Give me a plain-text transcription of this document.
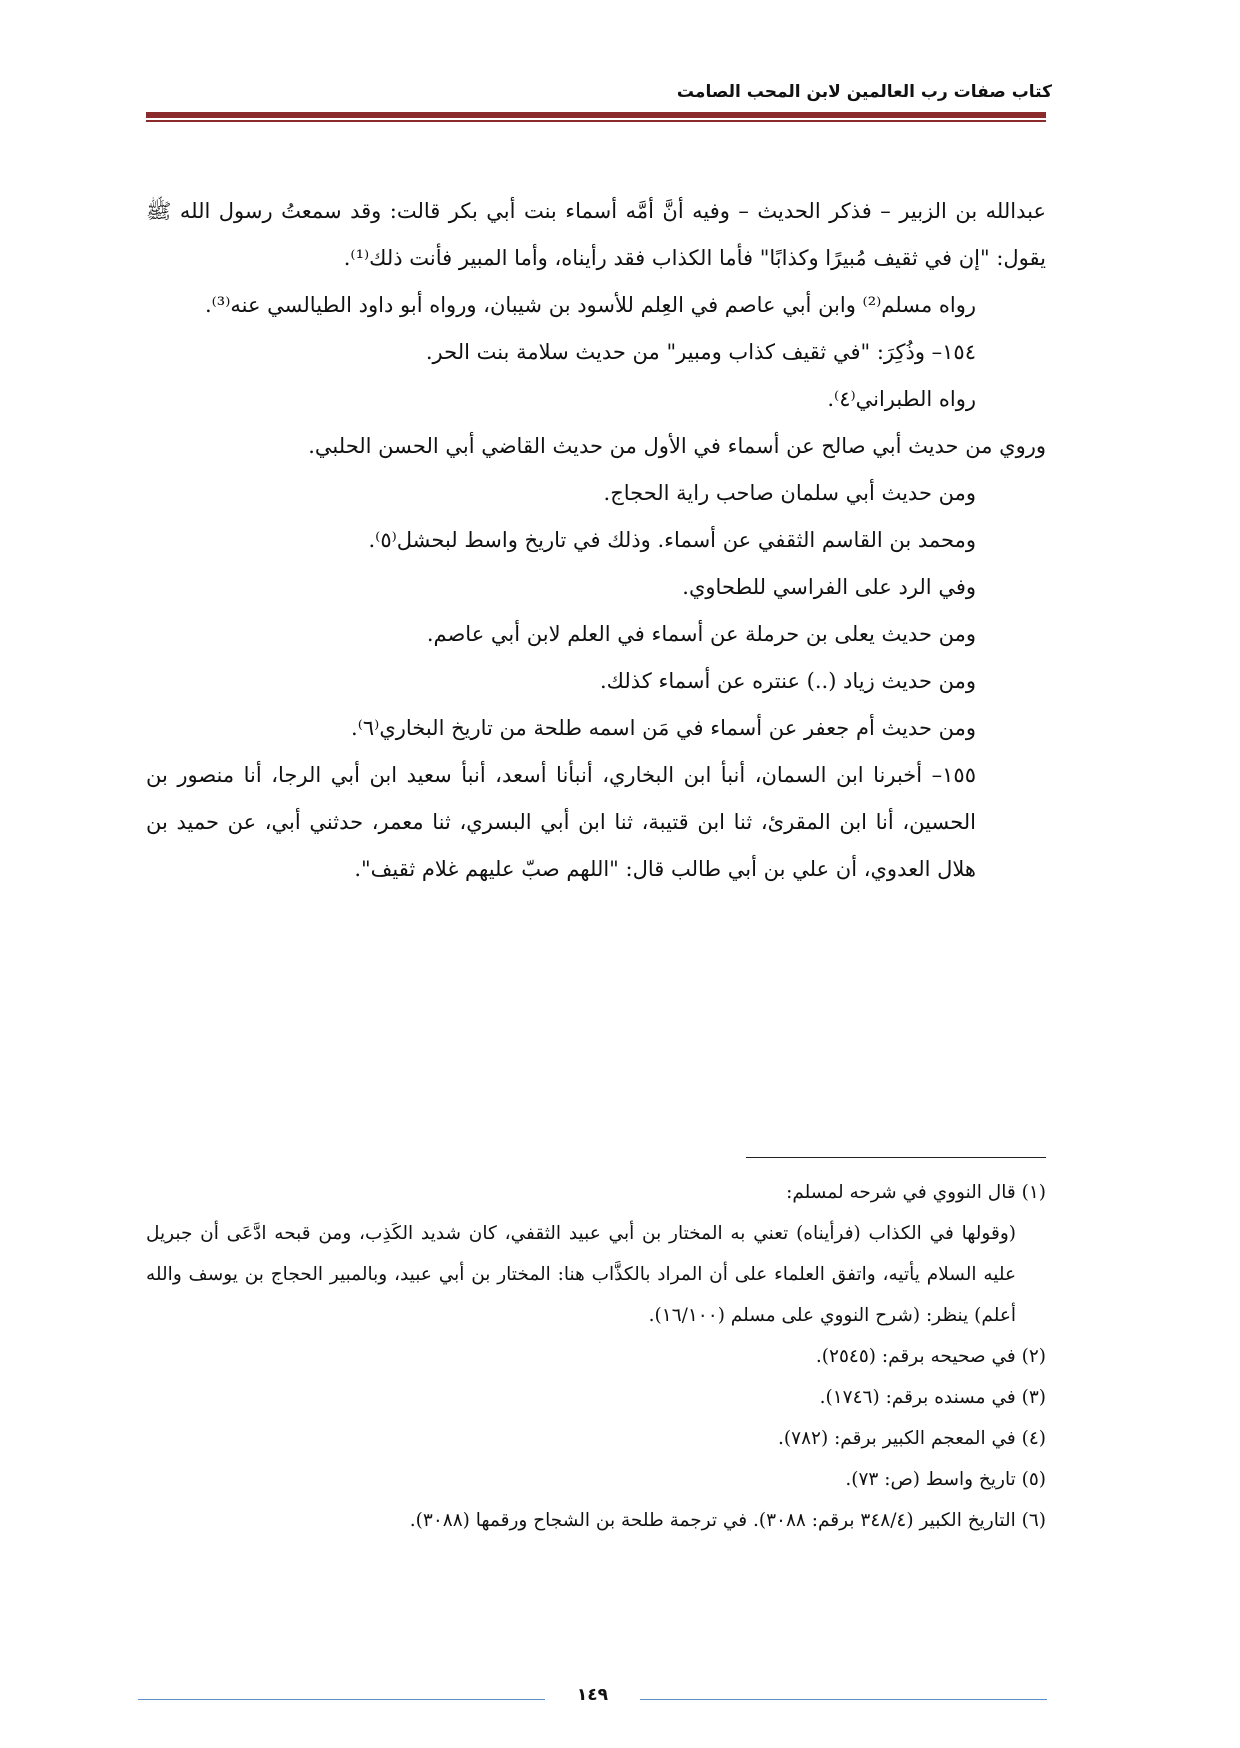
كتاب صفات رب العالمين لابن المحب الصامت

عبدالله بن الزبير – فذكر الحديث – وفيه أنَّ أمَّه أسماء بنت أبي بكر قالت: وقد سمعتُ رسول الله ﷺ يقول: "إن في ثقيف مُبيرًا وكذابًا" فأما الكذاب فقد رأيناه، وأما المبير فأنت ذلك⁽¹⁾.

رواه مسلم⁽²⁾ وابن أبي عاصم في العِلم للأسود بن شيبان، ورواه أبو داود الطيالسي عنه⁽³⁾.

١٥٤– وذُكِرَ: "في ثقيف كذاب ومبير" من حديث سلامة بنت الحر.

رواه الطبراني⁽٤⁾.

وروي من حديث أبي صالح عن أسماء في الأول من حديث القاضي أبي الحسن الحلبي.

ومن حديث أبي سلمان صاحب راية الحجاج.

ومحمد بن القاسم الثقفي عن أسماء. وذلك في تاريخ واسط لبحشل⁽٥⁾.

وفي الرد على الفراسي للطحاوي.

ومن حديث يعلى بن حرملة عن أسماء في العلم لابن أبي عاصم.

ومن حديث زياد (..) عنتره عن أسماء كذلك.

ومن حديث أم جعفر عن أسماء في مَن اسمه طلحة من تاريخ البخاري⁽٦⁾.

١٥٥– أخبرنا ابن السمان، أنبأ ابن البخاري، أنبأنا أسعد، أنبأ سعيد ابن أبي الرجا، أنا منصور بن الحسين، أنا ابن المقرئ، ثنا ابن قتيبة، ثنا ابن أبي البسري، ثنا معمر، حدثني أبي، عن حميد بن هلال العدوي، أن علي بن أبي طالب قال: "اللهم صبّ عليهم غلام ثقيف".

(١) قال النووي في شرحه لمسلم:

(وقولها في الكذاب (فرأيناه) تعني به المختار بن أبي عبيد الثقفي، كان شديد الكَذِب، ومن قبحه ادَّعَى أن جبريل عليه السلام يأتيه، واتفق العلماء على أن المراد بالكذَّاب هنا: المختار بن أبي عبيد، وبالمبير الحجاج بن يوسف والله أعلم) ينظر: (شرح النووي على مسلم (١٦/١٠٠).

(٢) في صحيحه برقم: (٢٥٤٥).

(٣) في مسنده برقم: (١٧٤٦).

(٤) في المعجم الكبير برقم: (٧٨٢).

(٥) تاريخ واسط (ص: ٧٣).

(٦) التاريخ الكبير (٣٤٨/٤ برقم: ٣٠٨٨). في ترجمة طلحة بن الشجاح ورقمها (٣٠٨٨).

١٤٩
